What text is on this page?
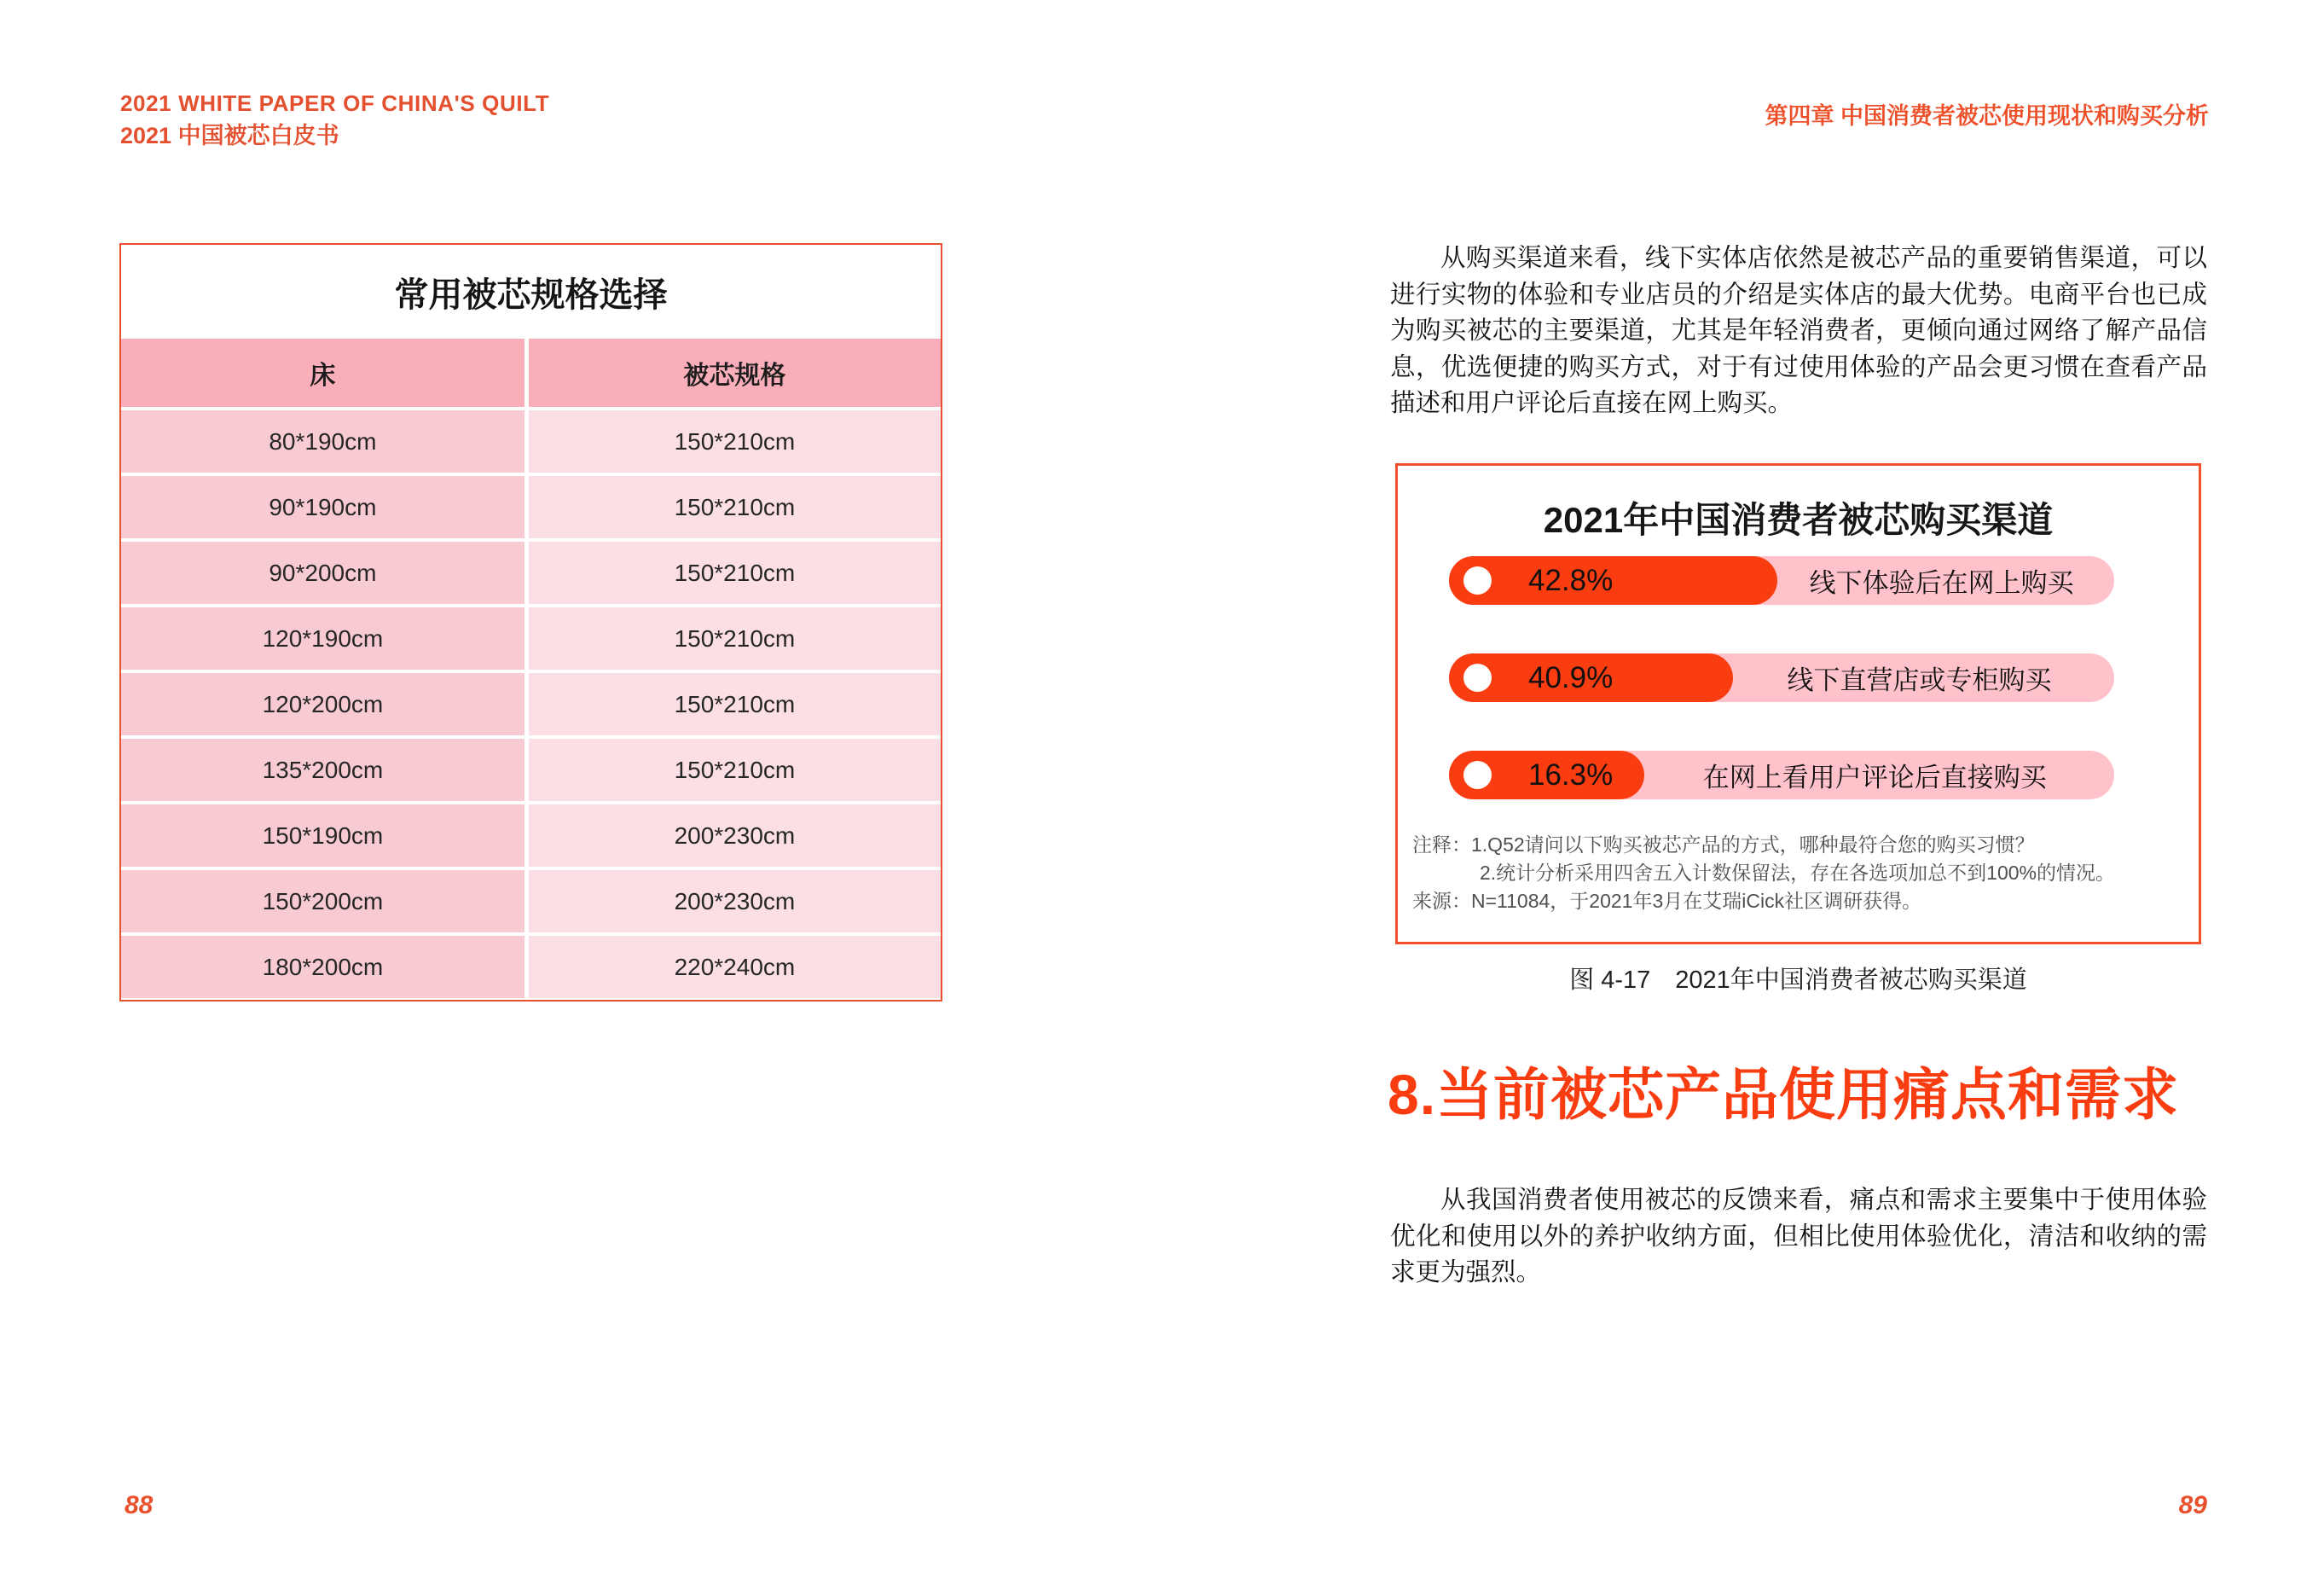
2021 WHITE PAPER OF CHINA'S QUILT
2021 中国被芯白皮书
第四章 中国消费者被芯使用现状和购买分析
常用被芯规格选择
床	被芯规格
80*190cm	150*210cm
90*190cm	150*210cm
90*200cm	150*210cm
120*190cm	150*210cm
120*200cm	150*210cm
135*200cm	150*210cm
150*190cm	200*230cm
150*200cm	200*230cm
180*200cm	220*240cm
从购买渠道来看，线下实体店依然是被芯产品的重要销售渠道，可以进行实物的体验和专业店员的介绍是实体店的最大优势。电商平台也已成为购买被芯的主要渠道，尤其是年轻消费者，更倾向通过网络了解产品信息，优选便捷的购买方式，对于有过使用体验的产品会更习惯在查看产品描述和用户评论后直接在网上购买。
2021年中国消费者被芯购买渠道
42.8%	线下体验后在网上购买
40.9%	线下直营店或专柜购买
16.3%	在网上看用户评论后直接购买
注释：1.Q52请问以下购买被芯产品的方式，哪种最符合您的购买习惯？
2.统计分析采用四舍五入计数保留法，存在各选项加总不到100%的情况。
来源：N=11084，于2021年3月在艾瑞iCick社区调研获得。
图 4-17　2021年中国消费者被芯购买渠道
8.当前被芯产品使用痛点和需求
从我国消费者使用被芯的反馈来看，痛点和需求主要集中于使用体验优化和使用以外的养护收纳方面，但相比使用体验优化，清洁和收纳的需求更为强烈。
88	89
